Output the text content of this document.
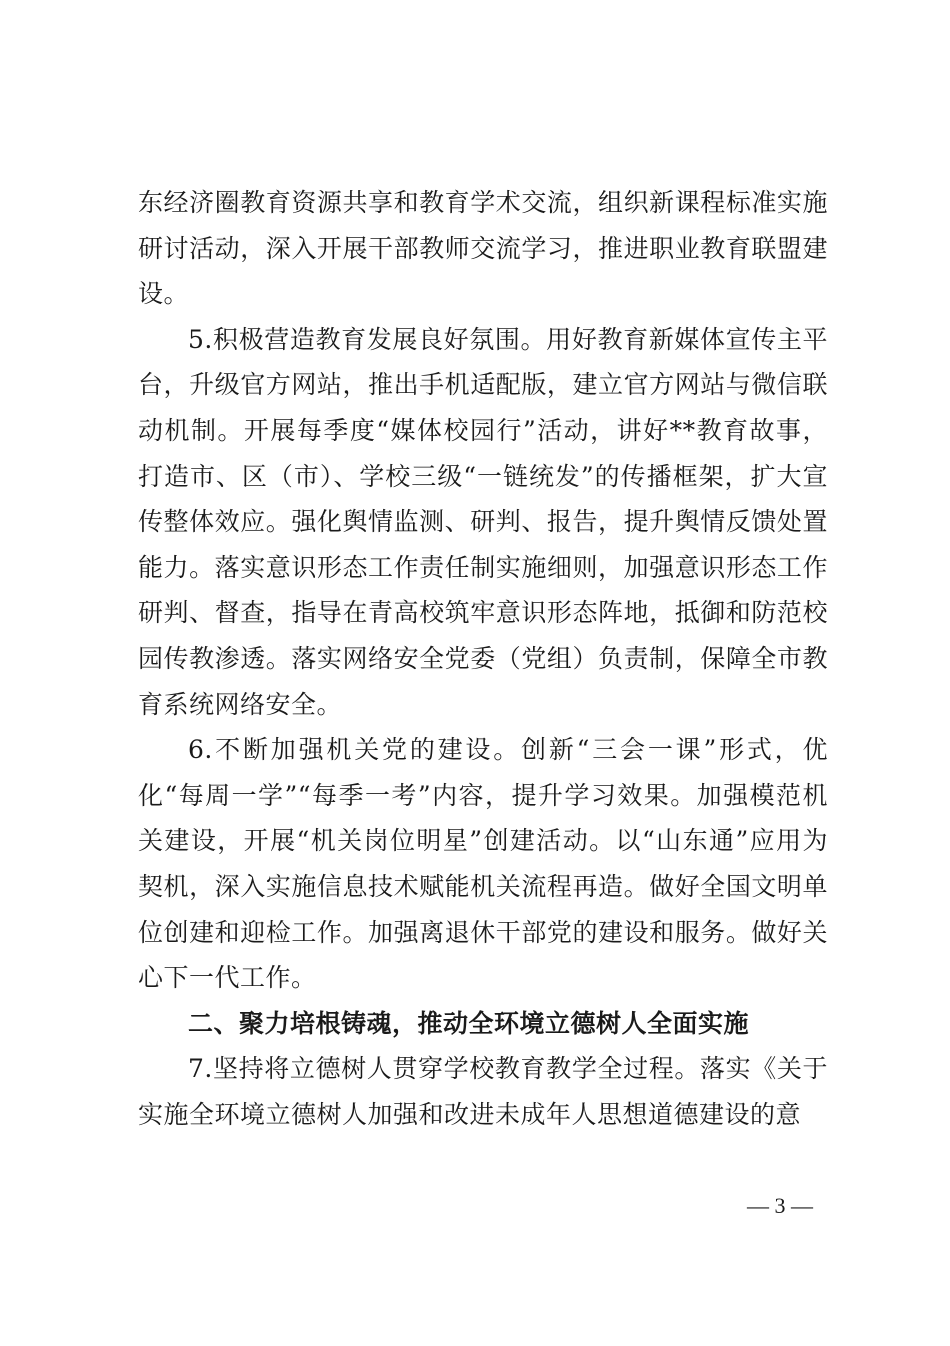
东经济圈教育资源共享和教育学术交流，组织新课程标准实施研讨活动，深入开展干部教师交流学习，推进职业教育联盟建设。

5.积极营造教育发展良好氛围。用好教育新媒体宣传主平台，升级官方网站，推出手机适配版，建立官方网站与微信联动机制。开展每季度“媒体校园行”活动，讲好**教育故事，打造市、区（市）、学校三级“一链统发”的传播框架，扩大宣传整体效应。强化舆情监测、研判、报告，提升舆情反馈处置能力。落实意识形态工作责任制实施细则，加强意识形态工作研判、督查，指导在青高校筑牢意识形态阵地，抵御和防范校园传教渗透。落实网络安全党委（党组）负责制，保障全市教育系统网络安全。

6.不断加强机关党的建设。创新“三会一课”形式，优化“每周一学”“每季一考”内容，提升学习效果。加强模范机关建设，开展“机关岗位明星”创建活动。以“山东通”应用为契机，深入实施信息技术赋能机关流程再造。做好全国文明单位创建和迎检工作。加强离退休干部党的建设和服务。做好关心下一代工作。

二、聚力培根铸魂，推动全环境立德树人全面实施

7.坚持将立德树人贯穿学校教育教学全过程。落实《关于实施全环境立德树人加强和改进未成年人思想道德建设的意

— 3 —
